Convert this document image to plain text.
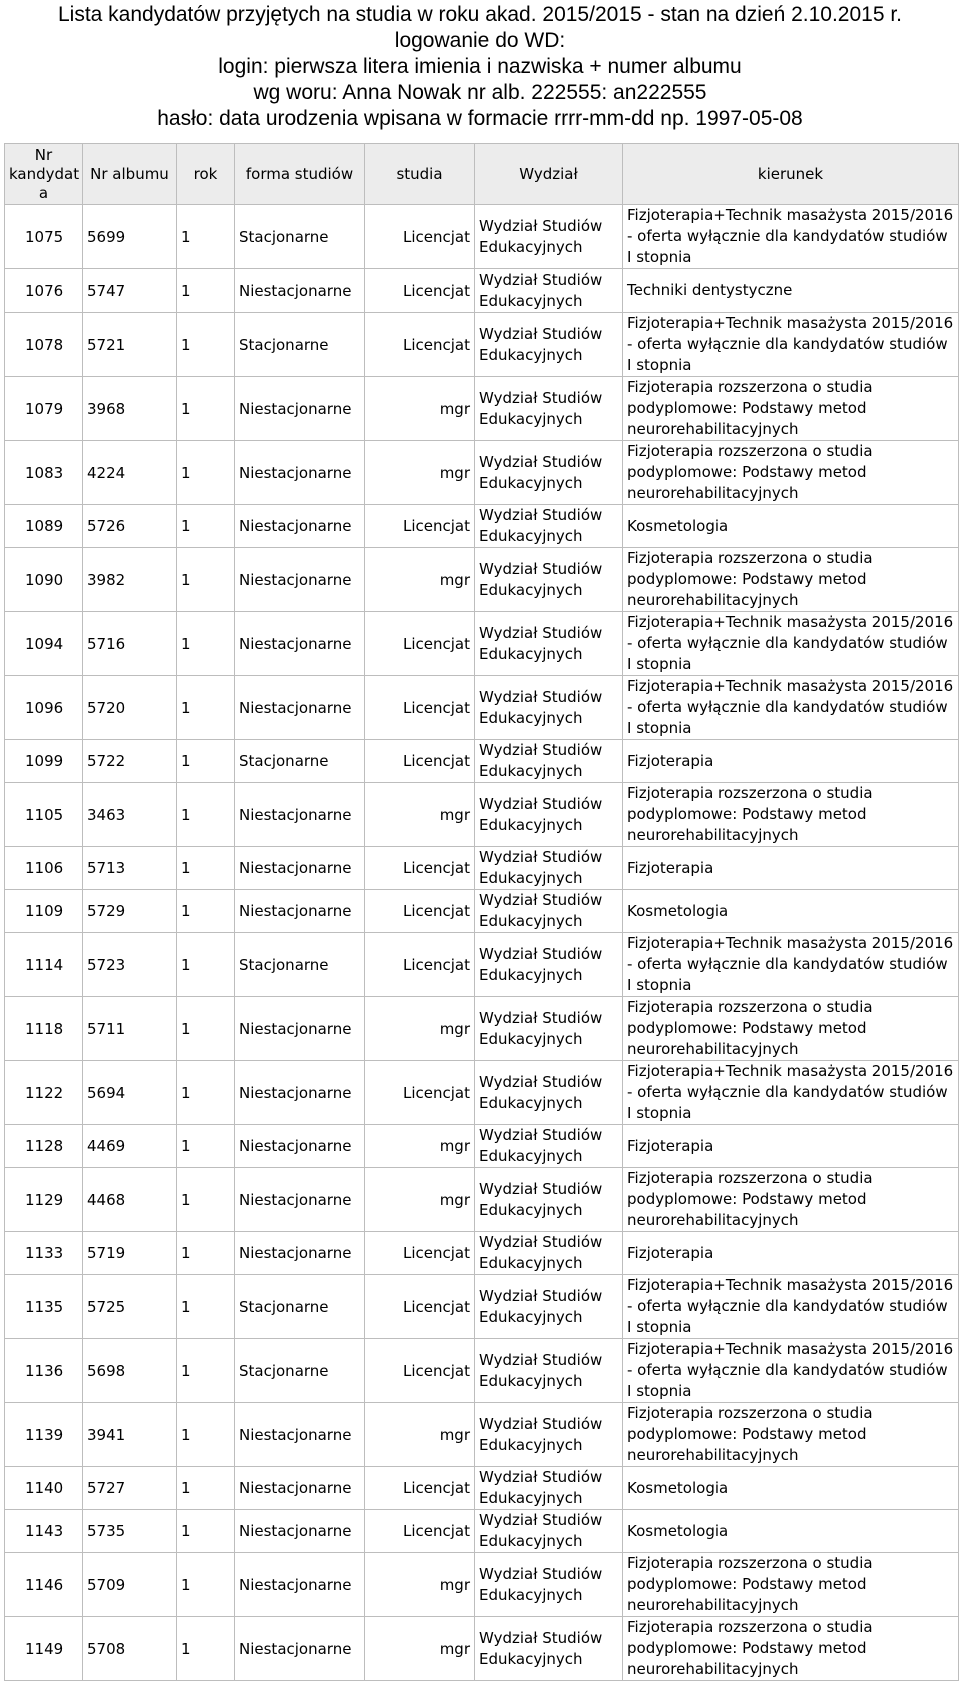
Lista kandydatów przyjętych na studia w roku akad. 2015/2015 - stan na dzień 2.10.2015 r.
logowanie do WD:
login: pierwsza litera imienia i nazwiska + numer albumu
wg woru: Anna Nowak nr alb. 222555: an222555
hasło: data urodzenia wpisana w formacie rrrr-mm-dd np. 1997-05-08
Nr kandydat a	Nr albumu	rok	forma studiów	studia	Wydział	kierunek
1075	5699	1	Stacjonarne	Licencjat	Wydział Studiów Edukacyjnych	Fizjoterapia+Technik masażysta 2015/2016 - oferta wyłącznie dla kandydatów studiów I stopnia
1076	5747	1	Niestacjonarne	Licencjat	Wydział Studiów Edukacyjnych	Techniki dentystyczne
1078	5721	1	Stacjonarne	Licencjat	Wydział Studiów Edukacyjnych	Fizjoterapia+Technik masażysta 2015/2016 - oferta wyłącznie dla kandydatów studiów I stopnia
1079	3968	1	Niestacjonarne	mgr	Wydział Studiów Edukacyjnych	Fizjoterapia rozszerzona o studia podyplomowe: Podstawy metod neurorehabilitacyjnych
1083	4224	1	Niestacjonarne	mgr	Wydział Studiów Edukacyjnych	Fizjoterapia rozszerzona o studia podyplomowe: Podstawy metod neurorehabilitacyjnych
1089	5726	1	Niestacjonarne	Licencjat	Wydział Studiów Edukacyjnych	Kosmetologia
1090	3982	1	Niestacjonarne	mgr	Wydział Studiów Edukacyjnych	Fizjoterapia rozszerzona o studia podyplomowe: Podstawy metod neurorehabilitacyjnych
1094	5716	1	Niestacjonarne	Licencjat	Wydział Studiów Edukacyjnych	Fizjoterapia+Technik masażysta 2015/2016 - oferta wyłącznie dla kandydatów studiów I stopnia
1096	5720	1	Niestacjonarne	Licencjat	Wydział Studiów Edukacyjnych	Fizjoterapia+Technik masażysta 2015/2016 - oferta wyłącznie dla kandydatów studiów I stopnia
1099	5722	1	Stacjonarne	Licencjat	Wydział Studiów Edukacyjnych	Fizjoterapia
1105	3463	1	Niestacjonarne	mgr	Wydział Studiów Edukacyjnych	Fizjoterapia rozszerzona o studia podyplomowe: Podstawy metod neurorehabilitacyjnych
1106	5713	1	Niestacjonarne	Licencjat	Wydział Studiów Edukacyjnych	Fizjoterapia
1109	5729	1	Niestacjonarne	Licencjat	Wydział Studiów Edukacyjnych	Kosmetologia
1114	5723	1	Stacjonarne	Licencjat	Wydział Studiów Edukacyjnych	Fizjoterapia+Technik masażysta 2015/2016 - oferta wyłącznie dla kandydatów studiów I stopnia
1118	5711	1	Niestacjonarne	mgr	Wydział Studiów Edukacyjnych	Fizjoterapia rozszerzona o studia podyplomowe: Podstawy metod neurorehabilitacyjnych
1122	5694	1	Niestacjonarne	Licencjat	Wydział Studiów Edukacyjnych	Fizjoterapia+Technik masażysta 2015/2016 - oferta wyłącznie dla kandydatów studiów I stopnia
1128	4469	1	Niestacjonarne	mgr	Wydział Studiów Edukacyjnych	Fizjoterapia
1129	4468	1	Niestacjonarne	mgr	Wydział Studiów Edukacyjnych	Fizjoterapia rozszerzona o studia podyplomowe: Podstawy metod neurorehabilitacyjnych
1133	5719	1	Niestacjonarne	Licencjat	Wydział Studiów Edukacyjnych	Fizjoterapia
1135	5725	1	Stacjonarne	Licencjat	Wydział Studiów Edukacyjnych	Fizjoterapia+Technik masażysta 2015/2016 - oferta wyłącznie dla kandydatów studiów I stopnia
1136	5698	1	Stacjonarne	Licencjat	Wydział Studiów Edukacyjnych	Fizjoterapia+Technik masażysta 2015/2016 - oferta wyłącznie dla kandydatów studiów I stopnia
1139	3941	1	Niestacjonarne	mgr	Wydział Studiów Edukacyjnych	Fizjoterapia rozszerzona o studia podyplomowe: Podstawy metod neurorehabilitacyjnych
1140	5727	1	Niestacjonarne	Licencjat	Wydział Studiów Edukacyjnych	Kosmetologia
1143	5735	1	Niestacjonarne	Licencjat	Wydział Studiów Edukacyjnych	Kosmetologia
1146	5709	1	Niestacjonarne	mgr	Wydział Studiów Edukacyjnych	Fizjoterapia rozszerzona o studia podyplomowe: Podstawy metod neurorehabilitacyjnych
1149	5708	1	Niestacjonarne	mgr	Wydział Studiów Edukacyjnych	Fizjoterapia rozszerzona o studia podyplomowe: Podstawy metod neurorehabilitacyjnych
